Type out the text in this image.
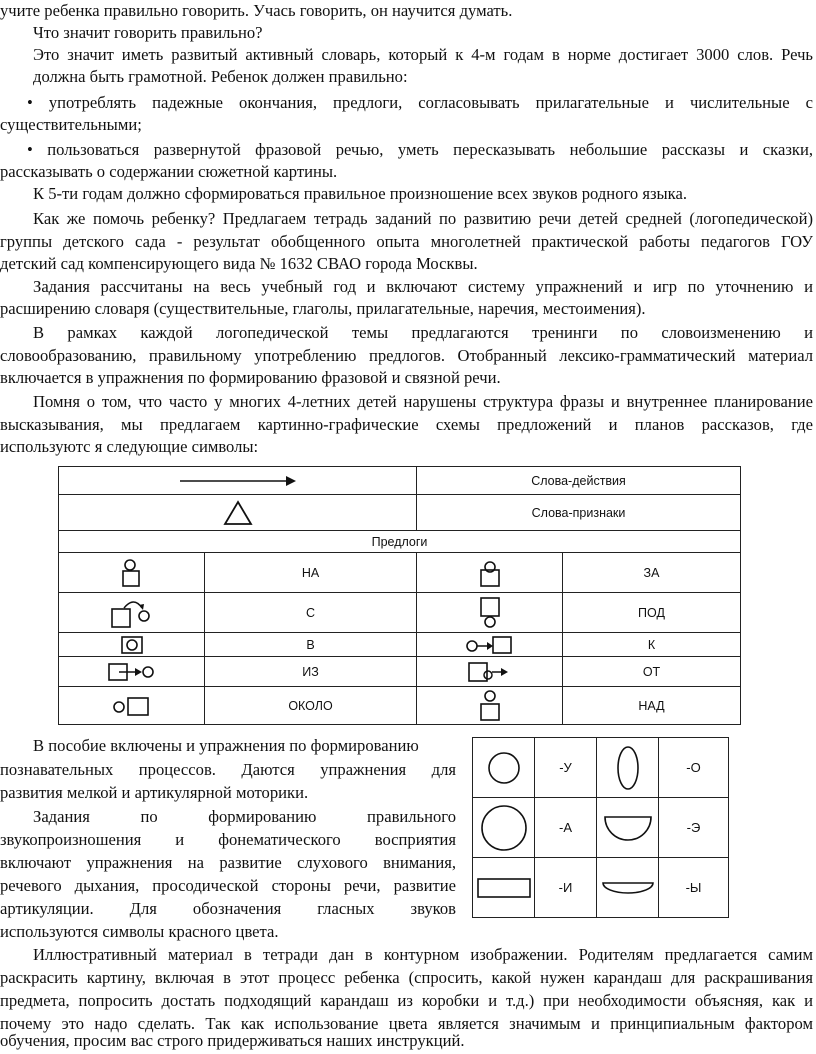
учите ребенка правильно говорить. Учась говорить, он научится думать.

Что значит говорить правильно?

Это значит иметь развитый активный словарь, который к 4-м годам в норме достигает 3000 слов. Речь

должна быть грамотной. Ребенок должен правильно:

• употреблять падежные окончания, предлоги, согласовывать прилагательные и числительные с

существительными;

• пользоваться развернутой фразовой речью, уметь пересказывать небольшие рассказы и сказки,

рассказывать о содержании сюжетной картины.

К 5-ти годам должно сформироваться правильное произношение всех звуков родного языка.

Как же помочь ребенку? Предлагаем тетрадь заданий по развитию речи детей средней (логопедической)

группы детского сада - результат обобщенного опыта многолетней практической работы педагогов ГОУ

детский сад компенсирующего вида № 1632 СВАО города Москвы.

Задания рассчитаны на весь учебный год и включают систему упражнений и игр по уточнению и

расширению словаря (существительные, глаголы, прилагательные, наречия, местоимения).

В рамках каждой логопедической темы предлагаются тренинги по словоизменению и

словообразованию, правильному употреблению предлогов. Отобранный лексико-грамматический материал

включается в упражнения по формированию фразовой и связной речи.

Помня о том, что часто у многих 4-летних детей нарушены структура фразы и внутреннее планирование

высказывания, мы предлагаем картинно-графические схемы предложений и планов рассказов, где

используютс я следующие символы:

	Слова-действия	

	Слова-признаки	
Предлоги			

	НА		ЗА

	С		ПОД

	В		К

	ИЗ		ОТ

	ОКОЛО		НАД

В пособие включены и упражнения по формированию

познавательных процессов. Даются упражнения для

развития мелкой и артикулярной моторики.

Задания по формированию правильного

звукопроизношения и фонематического восприятия

включают упражнения на развитие слухового внимания,

речевого дыхания, просодической стороны речи, развитие

артикуляции. Для обозначения гласных звуков

используются символы красного цвета.

	-У		-О

	-А		-Э

	-И		-Ы

Иллюстративный материал в тетради дан в контурном изображении. Родителям предлагается самим

раскрасить картину, включая в этот процесс ребенка (спросить, какой нужен карандаш для раскрашивания

предмета, попросить достать подходящий карандаш из коробки и т.д.) при необходимости объясняя, как и

почему это надо сделать. Так как использование цвета является значимым и принципиальным фактором

обучения, просим вас строго придерживаться наших инструкций.
